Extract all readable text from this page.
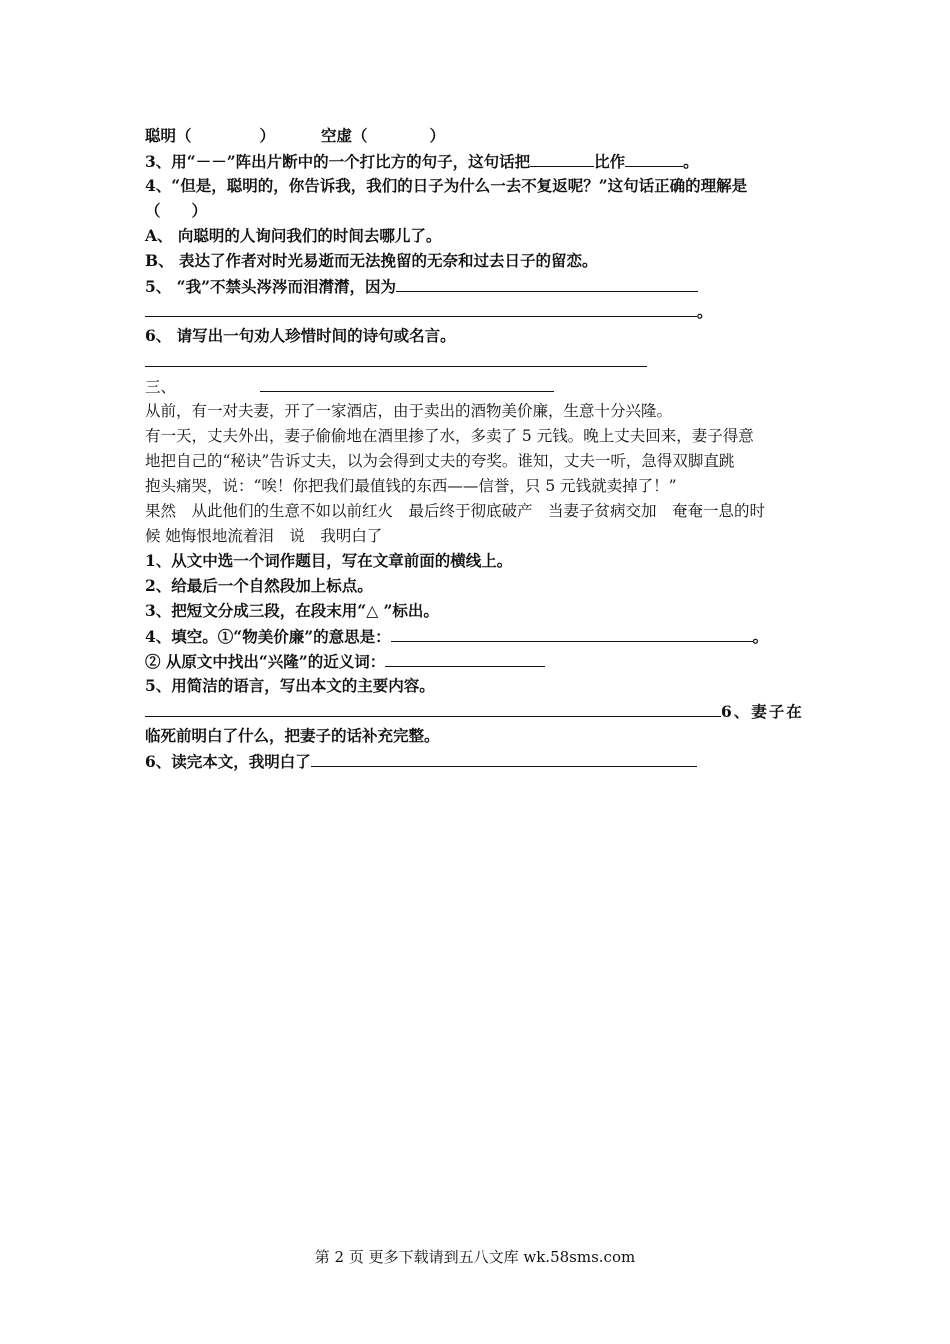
聪明（	）	空虚（	）
3、用“－－”阵出片断中的一个打比方的句子，这句话把	比作	。
4、“但是，聪明的，你告诉我，我们的日子为什么一去不复返呢？”这句话正确的理解是
（　　）
A、 向聪明的人询问我们的时间去哪儿了。
B、 表达了作者对时光易逝而无法挽留的无奈和过去日子的留恋。
5、 “我”不禁头涔涔而泪潸潸，因为
。
6、 请写出一句劝人珍惜时间的诗句或名言。
三、
从前，有一对夫妻，开了一家酒店，由于卖出的酒物美价廉，生意十分兴隆。
有一天，丈夫外出，妻子偷偷地在酒里掺了水，多卖了 5 元钱。晚上丈夫回来，妻子得意
地把自己的“秘诀”告诉丈夫，以为会得到丈夫的夸奖。谁知，丈夫一听，急得双脚直跳
抱头痛哭，说：“唉！你把我们最值钱的东西——信誉，只 5 元钱就卖掉了！”
果然　从此他们的生意不如以前红火　最后终于彻底破产　当妻子贫病交加　奄奄一息的时
候 她悔恨地流着泪　说　我明白了
1、从文中选一个词作题目，写在文章前面的横线上。
2、给最后一个自然段加上标点。
3、把短文分成三段，在段末用“△ ”标出。
4、填空。①“物美价廉”的意思是：	。
② 从原文中找出“兴隆”的近义词：
5、用简洁的语言，写出本文的主要内容。
6、妻子在
临死前明白了什么，把妻子的话补充完整。
6、读完本文，我明白了
第 2 页 更多下载请到五八文库 wk.58sms.com
